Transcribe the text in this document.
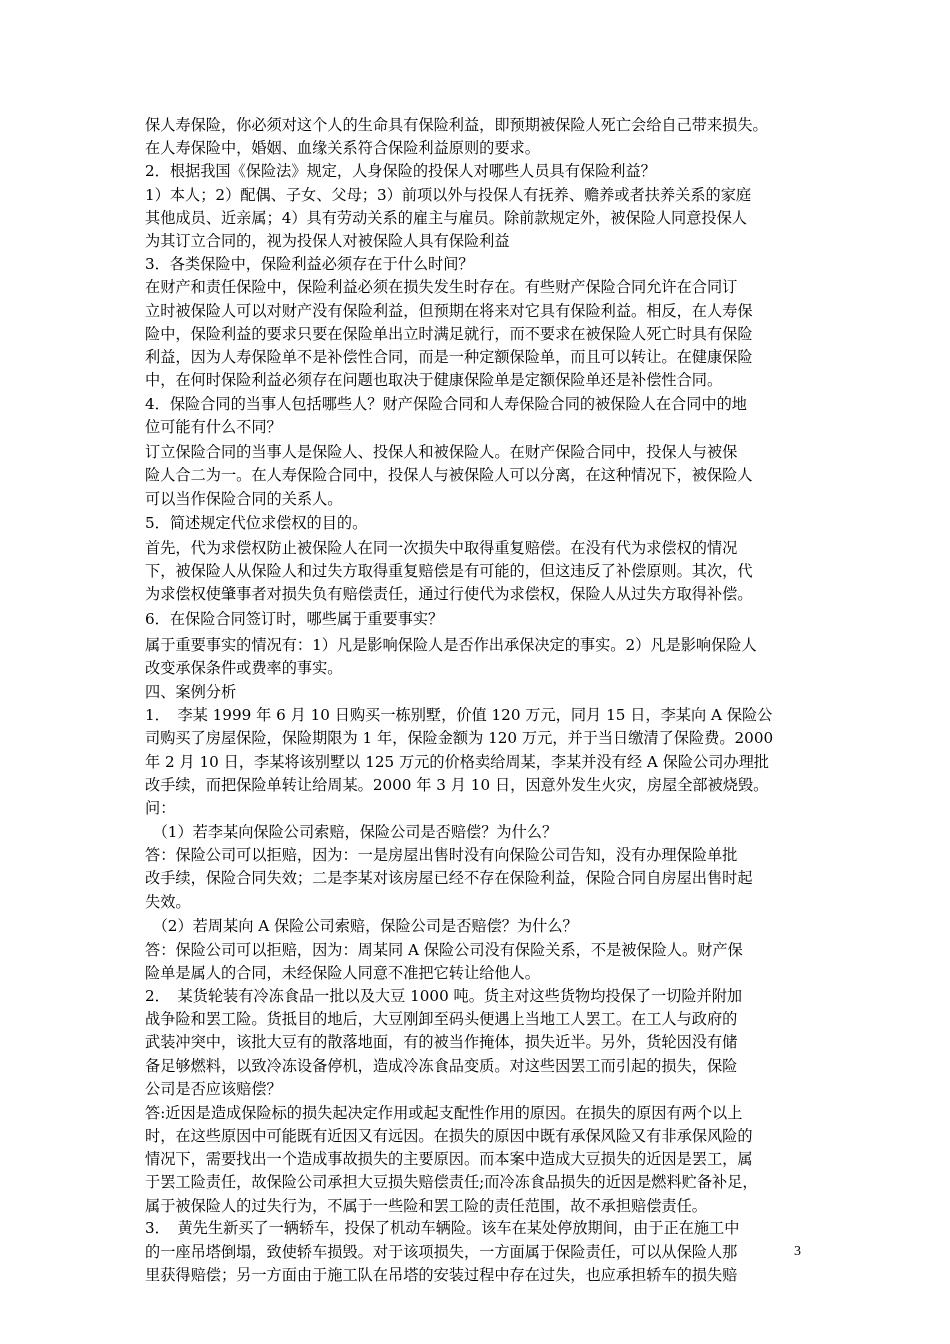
保人寿保险，你必须对这个人的生命具有保险利益，即预期被保险人死亡会给自己带来损失。
在人寿保险中，婚姻、血缘关系符合保险利益原则的要求。
2．根据我国《保险法》规定，人身保险的投保人对哪些人员具有保险利益？
1）本人；2）配偶、子女、父母；3）前项以外与投保人有抚养、赡养或者扶养关系的家庭
其他成员、近亲属；4）具有劳动关系的雇主与雇员。除前款规定外，被保险人同意投保人
为其订立合同的，视为投保人对被保险人具有保险利益
3．各类保险中，保险利益必须存在于什么时间？
在财产和责任保险中，保险利益必须在损失发生时存在。有些财产保险合同允许在合同订
立时被保险人可以对财产没有保险利益，但预期在将来对它具有保险利益。相反，在人寿保
险中，保险利益的要求只要在保险单出立时满足就行，而不要求在被保险人死亡时具有保险
利益，因为人寿保险单不是补偿性合同，而是一种定额保险单，而且可以转让。在健康保险
中，在何时保险利益必须存在问题也取决于健康保险单是定额保险单还是补偿性合同。
4．保险合同的当事人包括哪些人？财产保险合同和人寿保险合同的被保险人在合同中的地
位可能有什么不同？
订立保险合同的当事人是保险人、投保人和被保险人。在财产保险合同中，投保人与被保
险人合二为一。在人寿保险合同中，投保人与被保险人可以分离，在这种情况下，被保险人
可以当作保险合同的关系人。
5．简述规定代位求偿权的目的。
首先，代为求偿权防止被保险人在同一次损失中取得重复赔偿。在没有代为求偿权的情况
下，被保险人从保险人和过失方取得重复赔偿是有可能的，但这违反了补偿原则。其次，代
为求偿权使肇事者对损失负有赔偿责任，通过行使代为求偿权，保险人从过失方取得补偿。
6．在保险合同签订时，哪些属于重要事实？
属于重要事实的情况有：1）凡是影响保险人是否作出承保决定的事实。2）凡是影响保险人
改变承保条件或费率的事实。
四、案例分析
1．　李某 1999 年 6 月 10 日购买一栋别墅，价值 120 万元，同月 15 日，李某向 A 保险公
司购买了房屋保险，保险期限为 1 年，保险金额为 120 万元，并于当日缴清了保险费。2000
年 2 月 10 日，李某将该别墅以 125 万元的价格卖给周某，李某并没有经 A 保险公司办理批
改手续，而把保险单转让给周某。2000 年 3 月 10 日，因意外发生火灾，房屋全部被烧毁。
问：
　（1）若李某向保险公司索赔，保险公司是否赔偿？为什么？
答：保险公司可以拒赔，因为：一是房屋出售时没有向保险公司告知，没有办理保险单批
改手续，保险合同失效；二是李某对该房屋已经不存在保险利益，保险合同自房屋出售时起
失效。
　（2）若周某向 A 保险公司索赔，保险公司是否赔偿？为什么？
答：保险公司可以拒赔，因为：周某同 A 保险公司没有保险关系，不是被保险人。财产保
险单是属人的合同，未经保险人同意不准把它转让给他人。
2．　某货轮装有冷冻食品一批以及大豆 1000 吨。货主对这些货物均投保了一切险并附加
战争险和罢工险。货抵目的地后，大豆刚卸至码头便遇上当地工人罢工。在工人与政府的
武装冲突中，该批大豆有的散落地面，有的被当作掩体，损失近半。另外，货轮因没有储
备足够燃料，以致冷冻设备停机，造成冷冻食品变质。对这些因罢工而引起的损失，保险
公司是否应该赔偿？
答:近因是造成保险标的损失起决定作用或起支配性作用的原因。在损失的原因有两个以上
时，在这些原因中可能既有近因又有远因。在损失的原因中既有承保风险又有非承保风险的
情况下，需要找出一个造成事故损失的主要原因。而本案中造成大豆损失的近因是罢工，属
于罢工险责任，故保险公司承担大豆损失赔偿责任;而冷冻食品损失的近因是燃料贮备补足，
属于被保险人的过失行为，不属于一些险和罢工险的责任范围，故不承担赔偿责任。
3．　黄先生新买了一辆轿车，投保了机动车辆险。该车在某处停放期间，由于正在施工中
的一座吊塔倒塌，致使轿车损毁。对于该项损失，一方面属于保险责任，可以从保险人那
里获得赔偿；另一方面由于施工队在吊塔的安装过程中存在过失，也应承担轿车的损失赔
3
